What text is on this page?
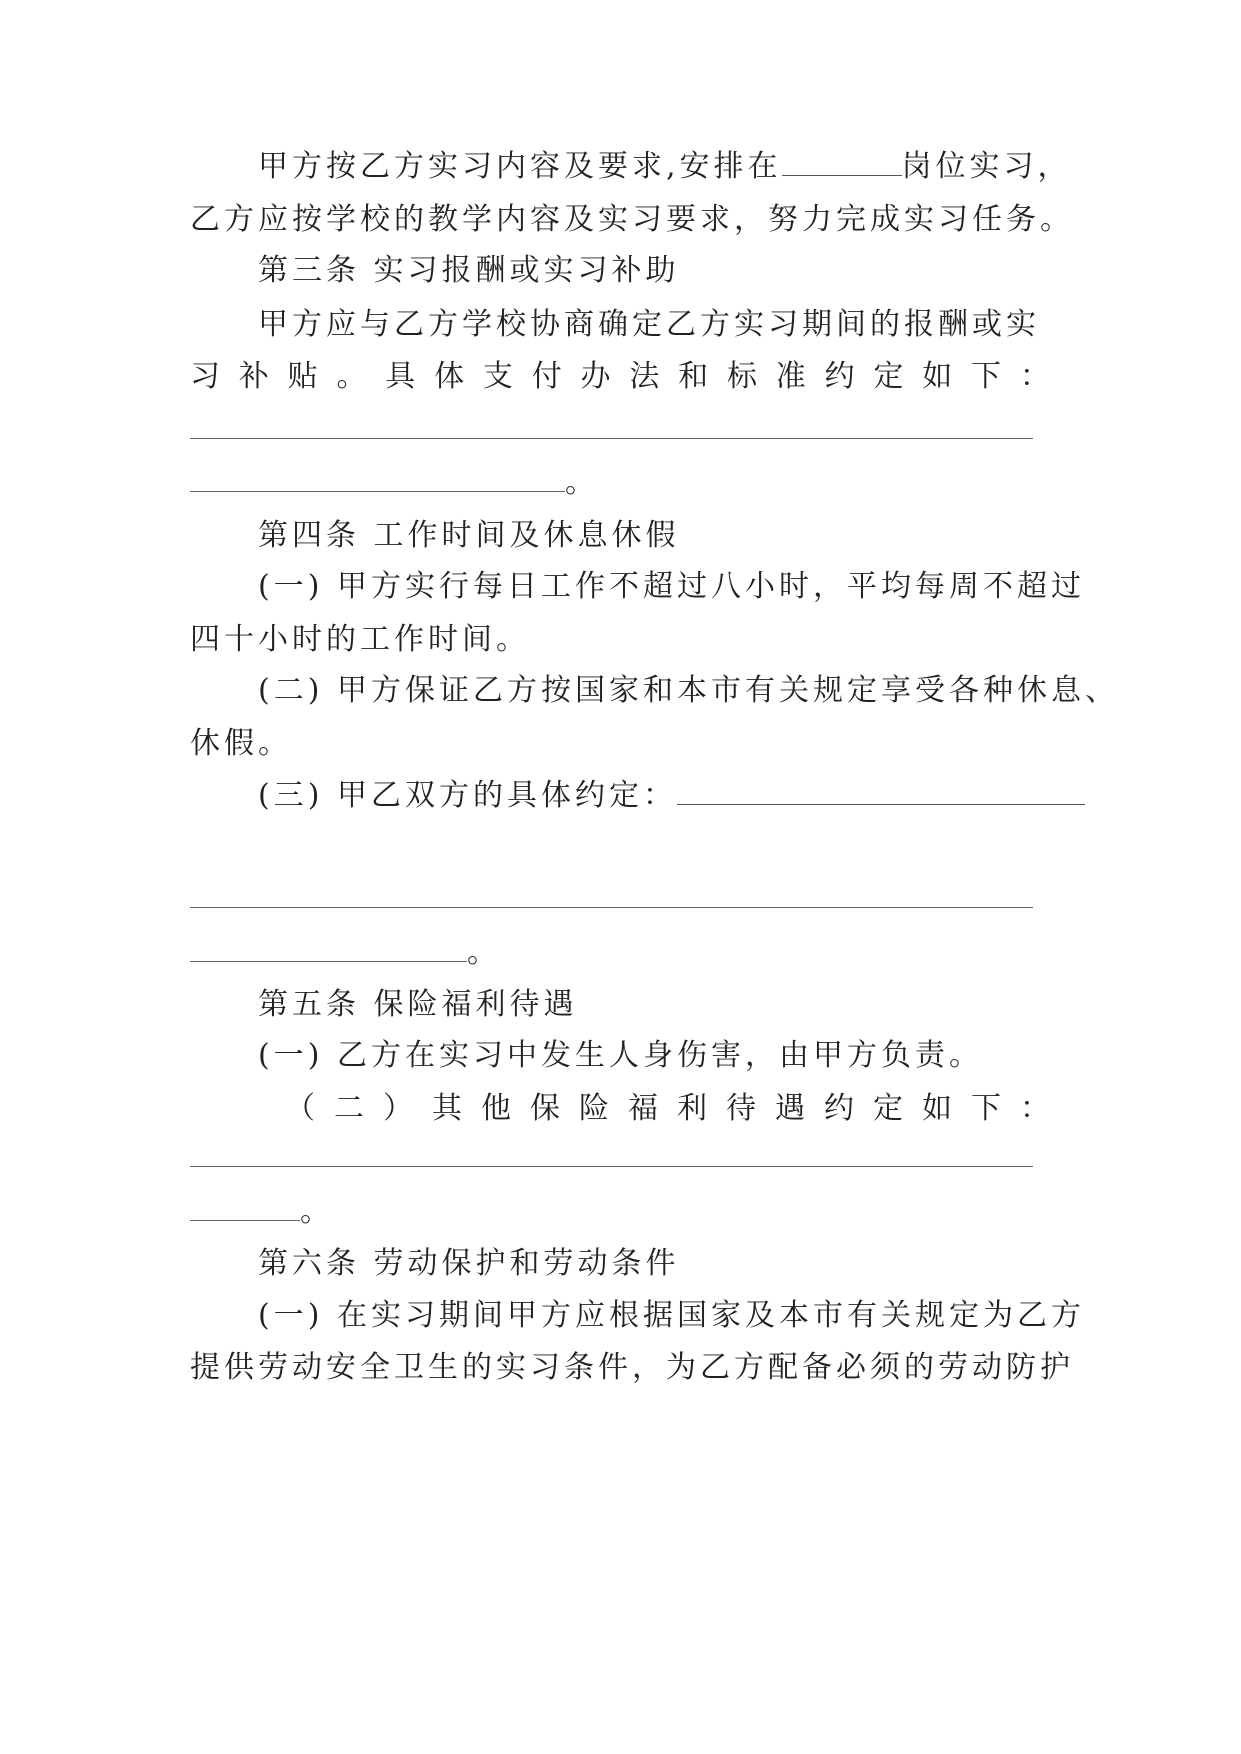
甲方按乙方实习内容及要求,安排在	岗位实习，
乙方应按学校的教学内容及实习要求，努力完成实习任务。
第三条 实习报酬或实习补助
甲方应与乙方学校协商确定乙方实习期间的报酬或实
习 补 贴 。 具 体 支 付 办 法 和 标 准 约 定 如 下 ：
。
第四条 工作时间及休息休假
(一) 甲方实行每日工作不超过八小时，平均每周不超过
四十小时的工作时间。
(二) 甲方保证乙方按国家和本市有关规定享受各种休息、
休假。
(三) 甲乙双方的具体约定：
。
第五条 保险福利待遇
(一) 乙方在实习中发生人身伤害，由甲方负责。
（ 二 ） 其 他 保 险 福 利 待 遇 约 定 如 下 ：
。
第六条 劳动保护和劳动条件
(一) 在实习期间甲方应根据国家及本市有关规定为乙方
提供劳动安全卫生的实习条件，为乙方配备必须的劳动防护
